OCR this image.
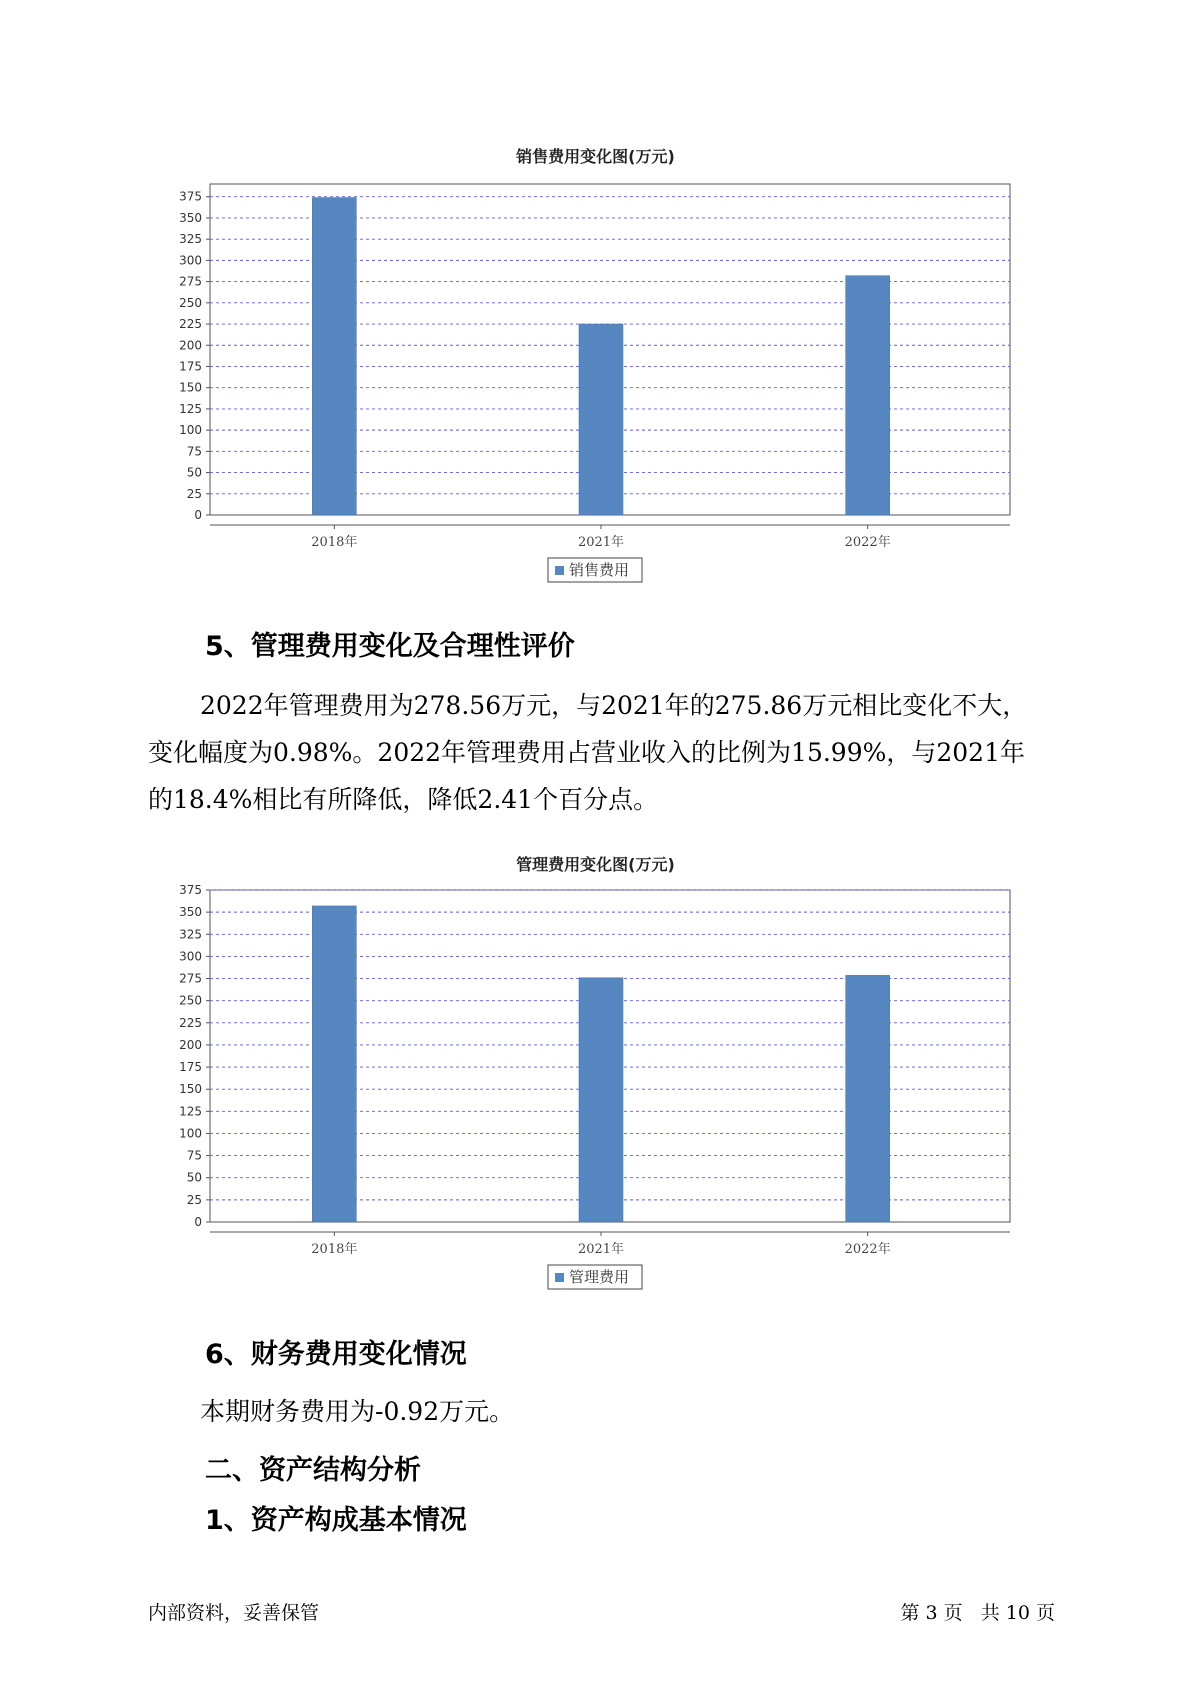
销售费用变化图(万元)
0
25
50
75
100
125
150
175
200
225
250
275
300
325
350
375
2018年	2021年	2022年
销售费用
5、管理费用变化及合理性评价

2022年管理费用为278.56万元，与2021年的275.86万元相比变化不大，变化幅度为0.98%。2022年管理费用占营业收入的比例为15.99%，与2021年的18.4%相比有所降低，降低2.41个百分点。

管理费用变化图(万元)
0
25
50
75
100
125
150
175
200
225
250
275
300
325
350
375
2018年	2021年	2022年
管理费用
6、财务费用变化情况

本期财务费用为-0.92万元。

二、资产结构分析
1、资产构成基本情况
内部资料，妥善保管	第 3 页   共 10 页
